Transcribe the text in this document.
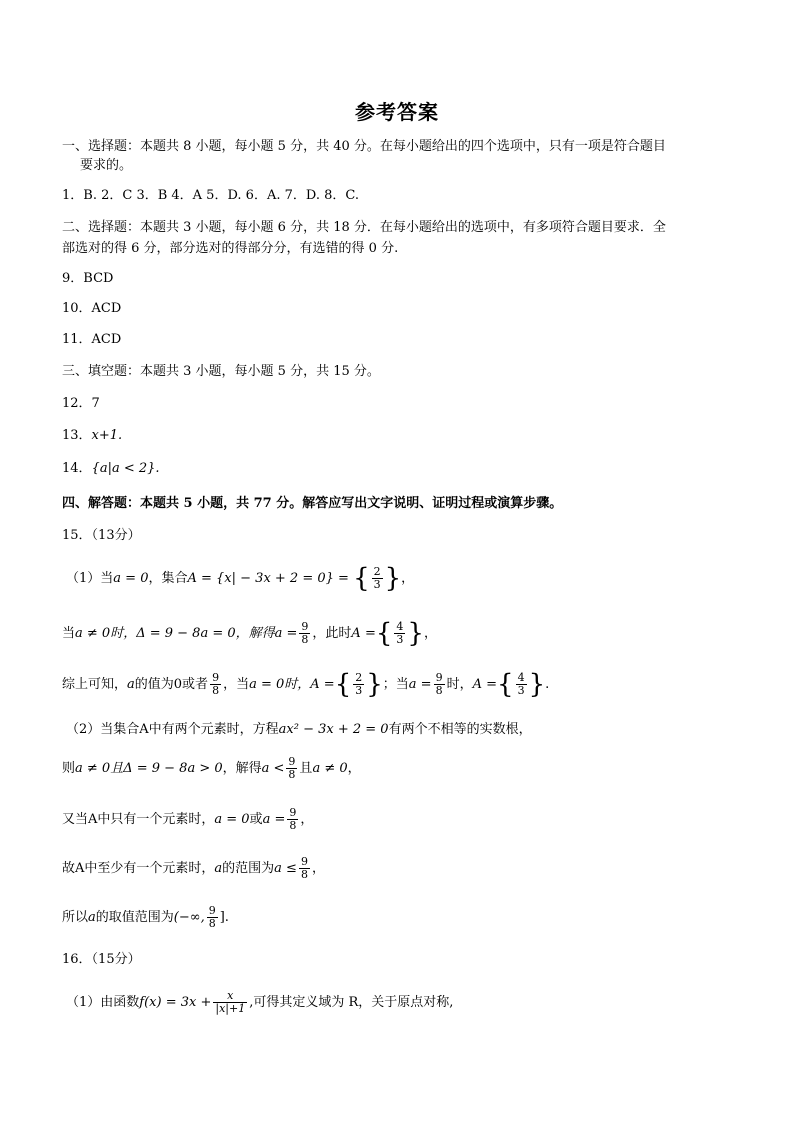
参考答案
一、选择题：本题共 8 小题，每小题 5 分，共 40 分。在每小题给出的四个选项中，只有一项是符合题目
要求的。
1．B. 2．C 3．B 4．A 5．D. 6．A. 7．D. 8．C.
二、选择题：本题共 3 小题，每小题 6 分，共 18 分．在每小题给出的选项中，有多项符合题目要求．全
部选对的得 6 分，部分选对的得部分分，有选错的得 0 分.
9．BCD
10．ACD
11．ACD
三、填空题：本题共 3 小题，每小题 5 分，共 15 分。
12．7
13．x+1.
14．{a|a < 2}.
四、解答题：本题共 5 小题，共 77 分。解答应写出文字说明、证明过程或演算步骤。
15．（13分）
（1）当a = 0，集合A = {x| − 3x + 2 = 0} = { $\frac{2}{3}$ }，
当a ≠ 0时，Δ = 9 − 8a = 0，解得$a = \frac{9}{8}$ ，此时A ={ $\frac{4}{3}$ }，
综上可知，a的值为0或者 $\frac{9}{8}$ ，当a = 0时，A ={ $\frac{2}{3}$ }；当$a = \frac{9}{8}$ 时，A ={ $\frac{4}{3}$ }.
（2）当集合A中有两个元素时，方程ax² − 3x + 2 = 0有两个不相等的实数根，
则a ≠ 0且Δ = 9 − 8a > 0，解得$a < \frac{9}{8}$ 且a ≠ 0，
又当A中只有一个元素时，a = 0或$a = \frac{9}{8}$ ，
故A中至少有一个元素时，a的范围为$a \le \frac{9}{8}$ ，
所以a的取值范围为(−∞, $\frac{9}{8}$ ].
16．（15分）
（1）由函数$f(x) = 3x + \frac{x}{|x|+1}$ ,可得其定义域为 R，关于原点对称,
